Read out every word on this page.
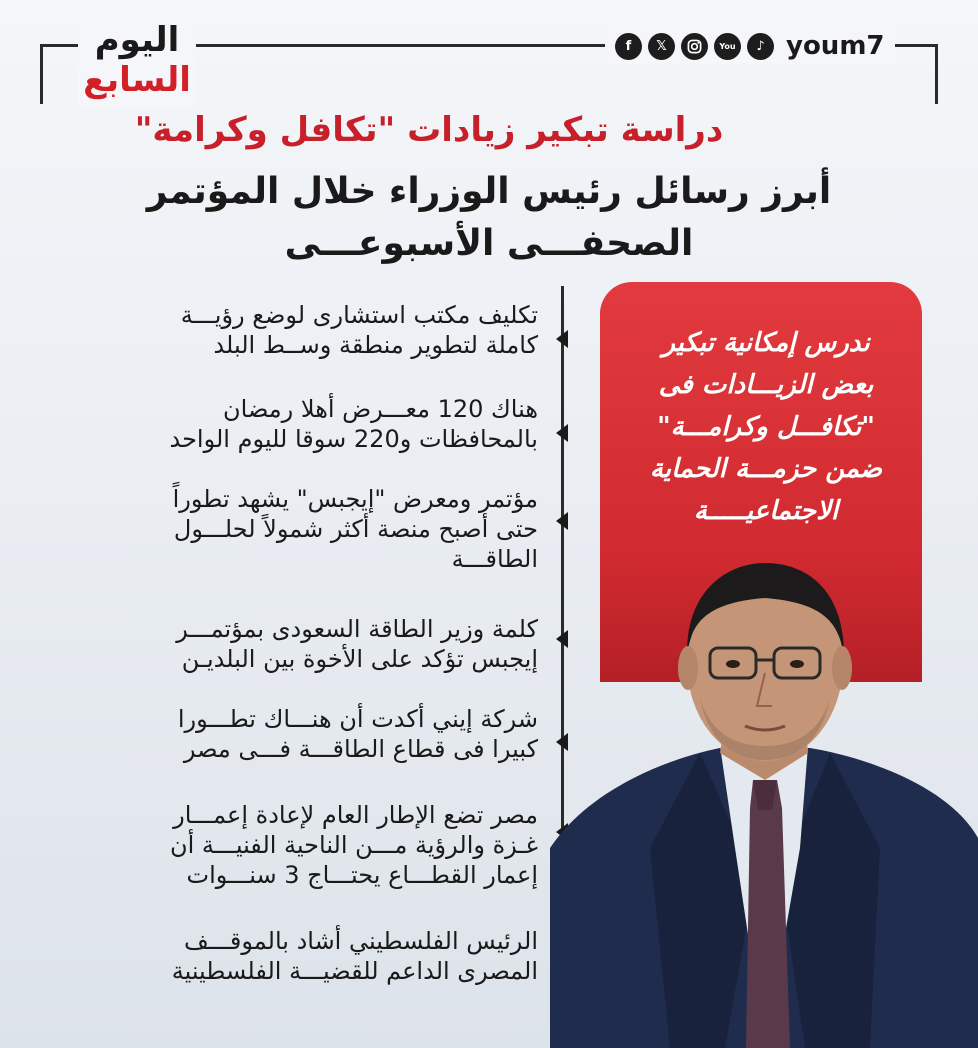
اليوم
السابع
f	𝕏	You	♪ youm7
دراسة تبكير زيادات "تكافل وكرامة"
أبرز رسائل رئيس الوزراء خلال المؤتمر
الصحفـــى الأسبوعـــى
تكليف مكتب استشارى لوضع رؤيـــة
كاملة لتطوير منطقة وســط البلد
هناك 120 معـــرض أهلا رمضان
بالمحافظات و220 سوقا لليوم الواحد
مؤتمر ومعرض "إيجبس" يشهد تطوراً
حتى أصبح منصة أكثر شمولاً لحلـــول
الطاقـــة
كلمة وزير الطاقة السعودى بمؤتمـــر
إيجبس تؤكد على الأخوة بين البلديـن
شركة إيني أكدت أن هنـــاك تطـــورا
كبيرا فى قطاع الطاقـــة فـــى مصر
مصر تضع الإطار العام لإعادة إعمـــار
غـزة والرؤية مـــن الناحية الفنيـــة أن
إعمار القطـــاع يحتـــاج 3 سنـــوات
الرئيس الفلسطيني أشاد بالموقـــف
المصرى الداعم للقضيـــة الفلسطينية
ندرس إمكانية تبكير
بعض الزيـــادات فى
"تكافـــل وكرامـــة"
ضمن حزمـــة الحماية
الاجتماعيـــــة
